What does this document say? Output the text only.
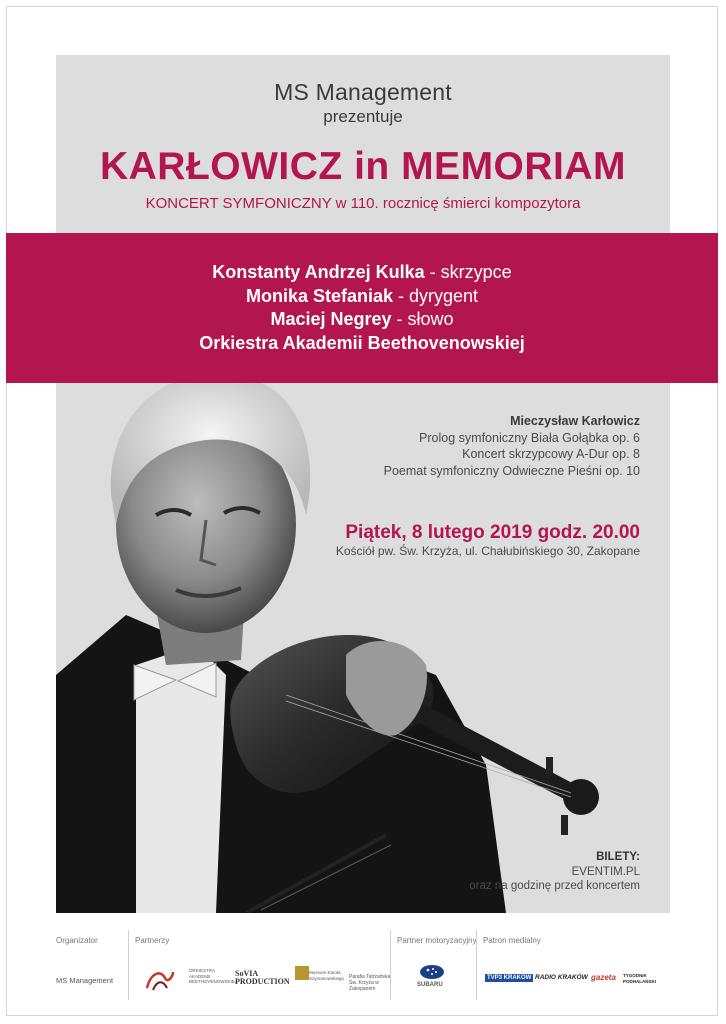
MS Management
prezentuje
KARŁOWICZ in MEMORIAM
KONCERT SYMFONICZNY w 110. rocznicę śmierci kompozytora
Mieczysław Karłowicz
Prolog symfoniczny Biała Gołąbka op. 6
Koncert skrzypcowy A-Dur op. 8
Poemat symfoniczny Odwieczne Pieśni op. 10
Piątek, 8 lutego 2019 godz. 20.00
Kościół pw. Św. Krzyża, ul. Chałubińskiego 30, Zakopane
BILETY:
EVENTIM.PL
oraz na godzinę przed koncertem
Konstanty Andrzej Kulka - skrzypce
Monika Stefaniak - dyrygent
Maciej Negrey - słowo
Orkiestra Akademii Beethovenowskiej
Organizator
MS Management
Partnerzy
ORKIESTRA AKADEMII BEETHOVENOWSKIEJ
SoVIA PRODUCTION
Muzeum Karola Szymanowskiego Parafia Tatrzańska Św. Krzyża w Zakopanem
Partner motoryzacyjny
SUBARU
Patron medialny
TVP3 KRAKÓW RADIO KRAKÓW gazeta TYGODNIK PODHALAŃSKI
